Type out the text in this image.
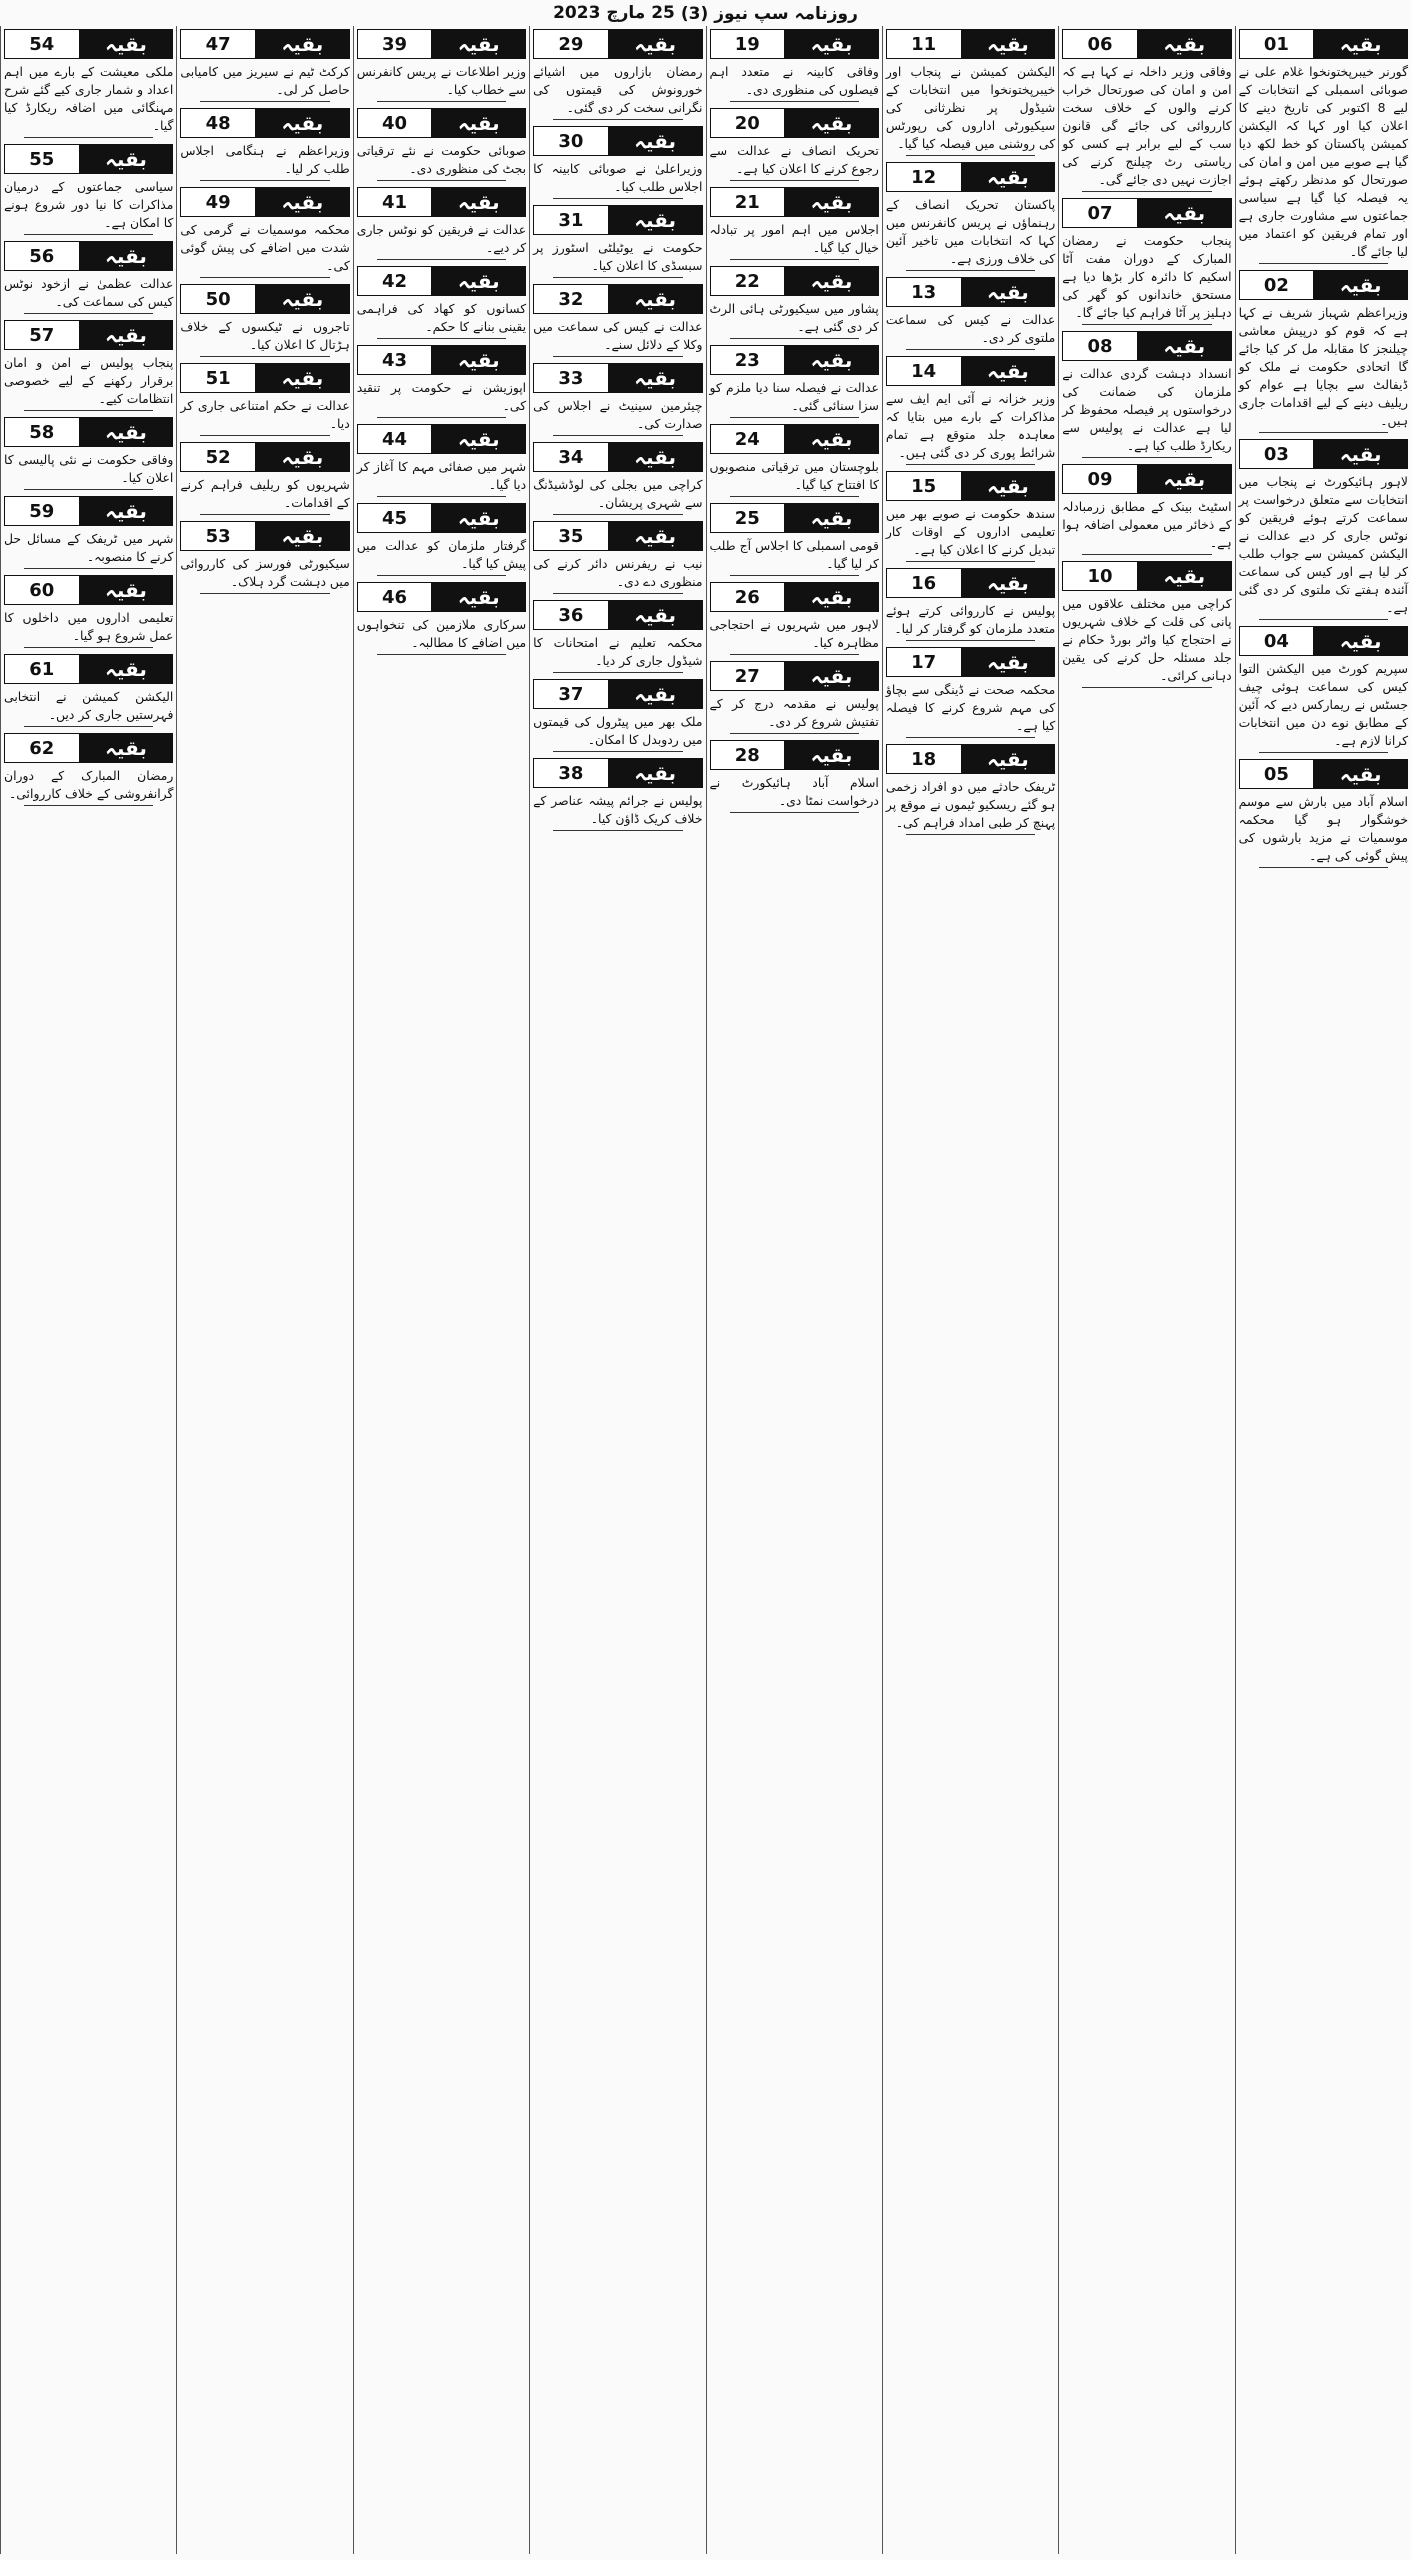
روزنامہ سپ نیوز (3)
25 مارچ 2023
01	بقیہ

گورنر خیبرپختونخوا غلام علی نے صوبائی اسمبلی کے انتخابات کے لیے 8 اکتوبر کی تاریخ دینے کا اعلان کیا اور کہا کہ الیکشن کمیشن پاکستان کو خط لکھ دیا گیا ہے صوبے میں امن و امان کی صورتحال کو مدنظر رکھتے ہوئے یہ فیصلہ کیا گیا ہے سیاسی جماعتوں سے مشاورت جاری ہے اور تمام فریقین کو اعتماد میں لیا جائے گا۔

02	بقیہ

وزیراعظم شہباز شریف نے کہا ہے کہ قوم کو درپیش معاشی چیلنجز کا مقابلہ مل کر کیا جائے گا اتحادی حکومت نے ملک کو ڈیفالٹ سے بچایا ہے عوام کو ریلیف دینے کے لیے اقدامات جاری ہیں۔

03	بقیہ

لاہور ہائیکورٹ نے پنجاب میں انتخابات سے متعلق درخواست پر سماعت کرتے ہوئے فریقین کو نوٹس جاری کر دیے عدالت نے الیکشن کمیشن سے جواب طلب کر لیا ہے اور کیس کی سماعت آئندہ ہفتے تک ملتوی کر دی گئی ہے۔

04	بقیہ

سپریم کورٹ میں الیکشن التوا کیس کی سماعت ہوئی چیف جسٹس نے ریمارکس دیے کہ آئین کے مطابق نوے دن میں انتخابات کرانا لازم ہے۔

05	بقیہ

اسلام آباد میں بارش سے موسم خوشگوار ہو گیا محکمہ موسمیات نے مزید بارشوں کی پیش گوئی کی ہے۔

06	بقیہ

وفاقی وزیر داخلہ نے کہا ہے کہ امن و امان کی صورتحال خراب کرنے والوں کے خلاف سخت کارروائی کی جائے گی قانون سب کے لیے برابر ہے کسی کو ریاستی رٹ چیلنج کرنے کی اجازت نہیں دی جائے گی۔

07	بقیہ

پنجاب حکومت نے رمضان المبارک کے دوران مفت آٹا اسکیم کا دائرہ کار بڑھا دیا ہے مستحق خاندانوں کو گھر کی دہلیز پر آٹا فراہم کیا جائے گا۔

08	بقیہ

انسداد دہشت گردی عدالت نے ملزمان کی ضمانت کی درخواستوں پر فیصلہ محفوظ کر لیا ہے عدالت نے پولیس سے ریکارڈ طلب کیا ہے۔

09	بقیہ

اسٹیٹ بینک کے مطابق زرمبادلہ کے ذخائر میں معمولی اضافہ ہوا ہے۔

10	بقیہ

کراچی میں مختلف علاقوں میں پانی کی قلت کے خلاف شہریوں نے احتجاج کیا واٹر بورڈ حکام نے جلد مسئلہ حل کرنے کی یقین دہانی کرائی۔

11	بقیہ

الیکشن کمیشن نے پنجاب اور خیبرپختونخوا میں انتخابات کے شیڈول پر نظرثانی کی سیکیورٹی اداروں کی رپورٹس کی روشنی میں فیصلہ کیا گیا۔

12	بقیہ

پاکستان تحریک انصاف کے رہنماؤں نے پریس کانفرنس میں کہا کہ انتخابات میں تاخیر آئین کی خلاف ورزی ہے۔

13	بقیہ

عدالت نے کیس کی سماعت ملتوی کر دی۔

14	بقیہ

وزیر خزانہ نے آئی ایم ایف سے مذاکرات کے بارے میں بتایا کہ معاہدہ جلد متوقع ہے تمام شرائط پوری کر دی گئی ہیں۔

15	بقیہ

سندھ حکومت نے صوبے بھر میں تعلیمی اداروں کے اوقات کار تبدیل کرنے کا اعلان کیا ہے۔

16	بقیہ

پولیس نے کارروائی کرتے ہوئے متعدد ملزمان کو گرفتار کر لیا۔

17	بقیہ

محکمہ صحت نے ڈینگی سے بچاؤ کی مہم شروع کرنے کا فیصلہ کیا ہے۔

18	بقیہ

ٹریفک حادثے میں دو افراد زخمی ہو گئے ریسکیو ٹیموں نے موقع پر پہنچ کر طبی امداد فراہم کی۔

19	بقیہ

وفاقی کابینہ نے متعدد اہم فیصلوں کی منظوری دی۔

20	بقیہ

تحریک انصاف نے عدالت سے رجوع کرنے کا اعلان کیا ہے۔

21	بقیہ

اجلاس میں اہم امور پر تبادلہ خیال کیا گیا۔

22	بقیہ

پشاور میں سیکیورٹی ہائی الرٹ کر دی گئی ہے۔

23	بقیہ

عدالت نے فیصلہ سنا دیا ملزم کو سزا سنائی گئی۔

24	بقیہ

بلوچستان میں ترقیاتی منصوبوں کا افتتاح کیا گیا۔

25	بقیہ

قومی اسمبلی کا اجلاس آج طلب کر لیا گیا۔

26	بقیہ

لاہور میں شہریوں نے احتجاجی مظاہرہ کیا۔

27	بقیہ

پولیس نے مقدمہ درج کر کے تفتیش شروع کر دی۔

28	بقیہ

اسلام آباد ہائیکورٹ نے درخواست نمٹا دی۔

29	بقیہ

رمضان بازاروں میں اشیائے خورونوش کی قیمتوں کی نگرانی سخت کر دی گئی۔

30	بقیہ

وزیراعلیٰ نے صوبائی کابینہ کا اجلاس طلب کیا۔

31	بقیہ

حکومت نے یوٹیلٹی اسٹورز پر سبسڈی کا اعلان کیا۔

32	بقیہ

عدالت نے کیس کی سماعت میں وکلا کے دلائل سنے۔

33	بقیہ

چیئرمین سینیٹ نے اجلاس کی صدارت کی۔

34	بقیہ

کراچی میں بجلی کی لوڈشیڈنگ سے شہری پریشان۔

35	بقیہ

نیب نے ریفرنس دائر کرنے کی منظوری دے دی۔

36	بقیہ

محکمہ تعلیم نے امتحانات کا شیڈول جاری کر دیا۔

37	بقیہ

ملک بھر میں پیٹرول کی قیمتوں میں ردوبدل کا امکان۔

38	بقیہ

پولیس نے جرائم پیشہ عناصر کے خلاف کریک ڈاؤن کیا۔

39	بقیہ

وزیر اطلاعات نے پریس کانفرنس سے خطاب کیا۔

40	بقیہ

صوبائی حکومت نے نئے ترقیاتی بجٹ کی منظوری دی۔

41	بقیہ

عدالت نے فریقین کو نوٹس جاری کر دیے۔

42	بقیہ

کسانوں کو کھاد کی فراہمی یقینی بنانے کا حکم۔

43	بقیہ

اپوزیشن نے حکومت پر تنقید کی۔

44	بقیہ

شہر میں صفائی مہم کا آغاز کر دیا گیا۔

45	بقیہ

گرفتار ملزمان کو عدالت میں پیش کیا گیا۔

46	بقیہ

سرکاری ملازمین کی تنخواہوں میں اضافے کا مطالبہ۔

47	بقیہ

کرکٹ ٹیم نے سیریز میں کامیابی حاصل کر لی۔

48	بقیہ

وزیراعظم نے ہنگامی اجلاس طلب کر لیا۔

49	بقیہ

محکمہ موسمیات نے گرمی کی شدت میں اضافے کی پیش گوئی کی۔

50	بقیہ

تاجروں نے ٹیکسوں کے خلاف ہڑتال کا اعلان کیا۔

51	بقیہ

عدالت نے حکم امتناعی جاری کر دیا۔

52	بقیہ

شہریوں کو ریلیف فراہم کرنے کے اقدامات۔

53	بقیہ

سیکیورٹی فورسز کی کارروائی میں دہشت گرد ہلاک۔

54	بقیہ

ملکی معیشت کے بارے میں اہم اعداد و شمار جاری کیے گئے شرح مہنگائی میں اضافہ ریکارڈ کیا گیا۔

55	بقیہ

سیاسی جماعتوں کے درمیان مذاکرات کا نیا دور شروع ہونے کا امکان ہے۔

56	بقیہ

عدالت عظمیٰ نے ازخود نوٹس کیس کی سماعت کی۔

57	بقیہ

پنجاب پولیس نے امن و امان برقرار رکھنے کے لیے خصوصی انتظامات کیے۔

58	بقیہ

وفاقی حکومت نے نئی پالیسی کا اعلان کیا۔

59	بقیہ

شہر میں ٹریفک کے مسائل حل کرنے کا منصوبہ۔

60	بقیہ

تعلیمی اداروں میں داخلوں کا عمل شروع ہو گیا۔

61	بقیہ

الیکشن کمیشن نے انتخابی فہرستیں جاری کر دیں۔

62	بقیہ

رمضان المبارک کے دوران گرانفروشی کے خلاف کارروائی۔
